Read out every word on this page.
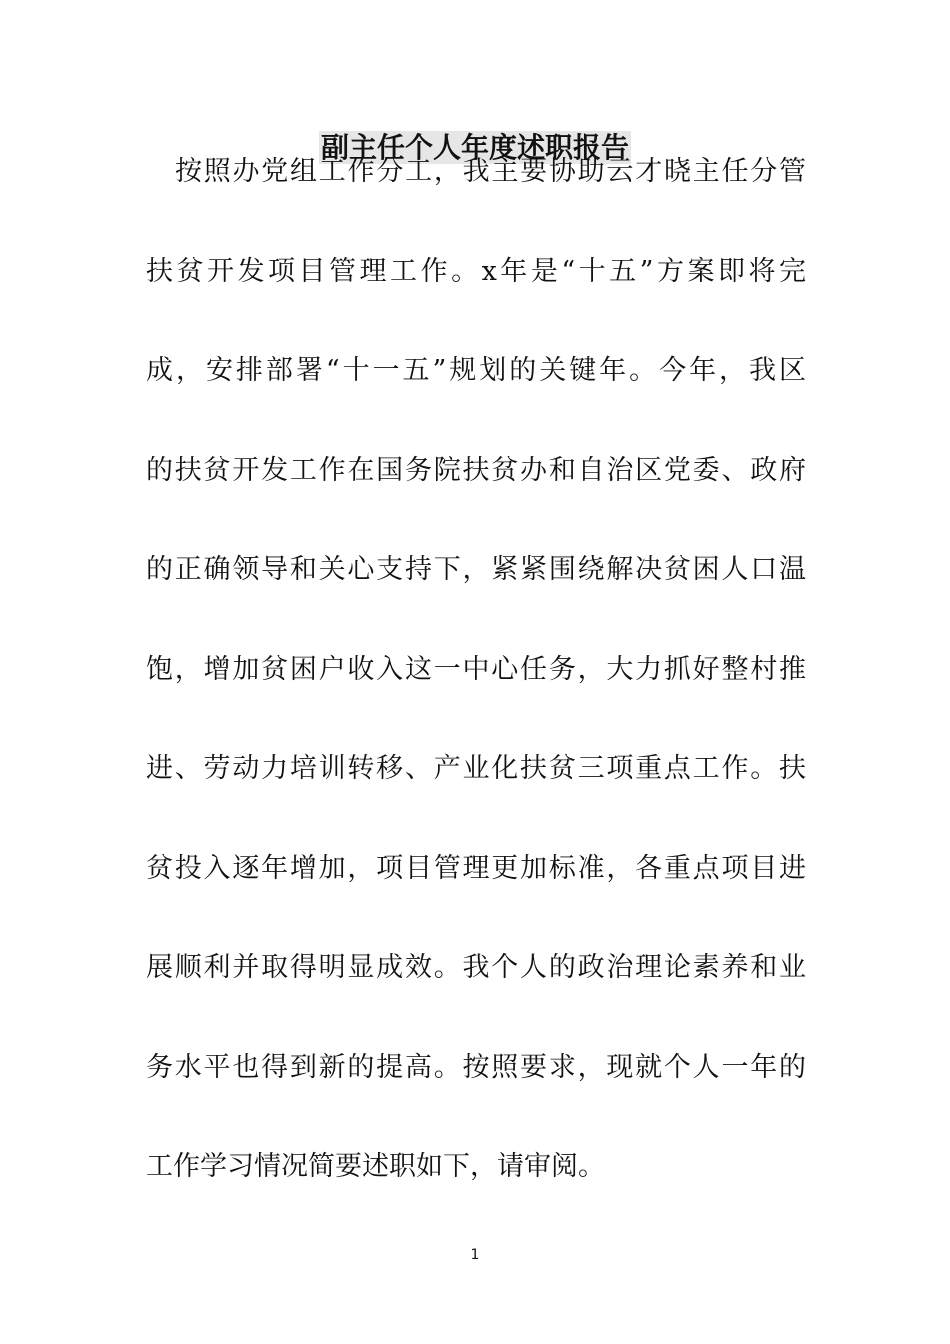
副主任个人年度述职报告
按照办党组工作分工，我主要协助云才晓主任分管
扶贫开发项目管理工作。x年是“十五”方案即将完
成，安排部署“十一五”规划的关键年。今年，我区
的扶贫开发工作在国务院扶贫办和自治区党委、政府
的正确领导和关心支持下，紧紧围绕解决贫困人口温
饱，增加贫困户收入这一中心任务，大力抓好整村推
进、劳动力培训转移、产业化扶贫三项重点工作。扶
贫投入逐年增加，项目管理更加标准，各重点项目进
展顺利并取得明显成效。我个人的政治理论素养和业
务水平也得到新的提高。按照要求，现就个人一年的
工作学习情况简要述职如下，请审阅。
1
